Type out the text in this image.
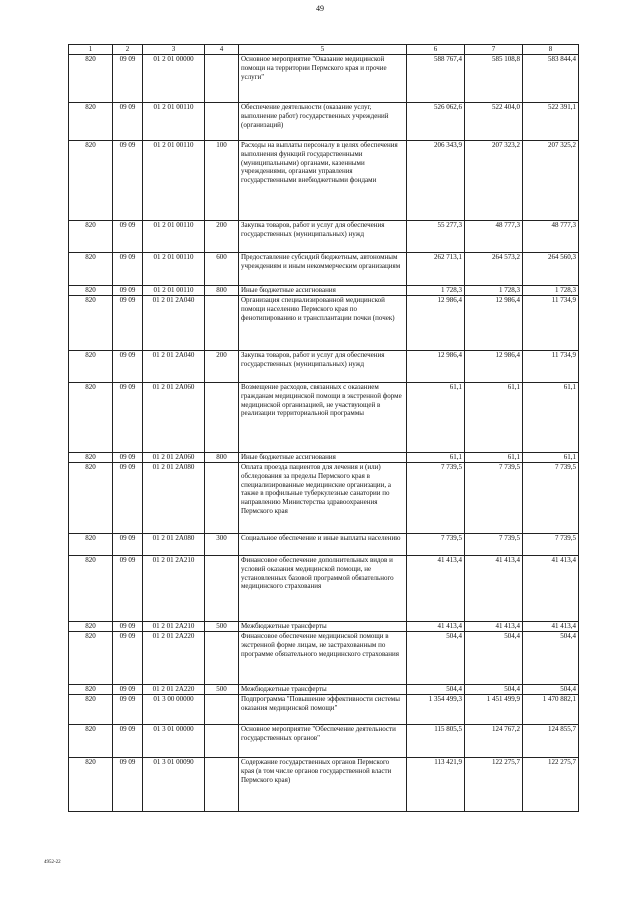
49
1	2	3	4	5	6	7	8
820	09 09	01 2 01 00000		Основное мероприятие "Оказание медицинской помощи на территории Пермского края и прочие услуги"	588 767,4	585 108,8	583 844,4
820	09 09	01 2 01 00110		Обеспечение деятельности (оказание услуг, выполнение работ) государственных учреждений (организаций)	526 062,6	522 404,0	522 391,1
820	09 09	01 2 01 00110	100	Расходы на выплаты персоналу в целях обеспечения выполнения функций государственными (муниципальными) органами, казенными учреждениями, органами управления государственными внебюджетными фондами	206 343,9	207 323,2	207 325,2
820	09 09	01 2 01 00110	200	Закупка товаров, работ и услуг для обеспечения государственных (муниципальных) нужд	55 277,3	48 777,3	48 777,3
820	09 09	01 2 01 00110	600	Предоставление субсидий бюджетным, автономным учреждениям и иным некоммерческим организациям	262 713,1	264 573,2	264 560,3
820	09 09	01 2 01 00110	800	Иные бюджетные ассигнования	1 728,3	1 728,3	1 728,3
820	09 09	01 2 01 2А040		Организация специализированной медицинской помощи населению Пермского края по фенотипированию и трансплантации почки (почек)	12 986,4	12 986,4	11 734,9
820	09 09	01 2 01 2А040	200	Закупка товаров, работ и услуг для обеспечения государственных (муниципальных) нужд	12 986,4	12 986,4	11 734,9
820	09 09	01 2 01 2А060		Возмещение расходов, связанных с оказанием гражданам медицинской помощи в экстренной форме медицинской организацией, не участвующей в реализации территориальной программы	61,1	61,1	61,1
820	09 09	01 2 01 2А060	800	Иные бюджетные ассигнования	61,1	61,1	61,1
820	09 09	01 2 01 2А080		Оплата проезда пациентов для лечения и (или) обследования за пределы Пермского края в специализированные медицинские организации, а также в профильные туберкулезные санатории по направлению Министерства здравоохранения Пермского края	7 739,5	7 739,5	7 739,5
820	09 09	01 2 01 2А080	300	Социальное обеспечение и иные выплаты населению	7 739,5	7 739,5	7 739,5
820	09 09	01 2 01 2А210		Финансовое обеспечение дополнительных видов и условий оказания медицинской помощи, не установленных базовой программой обязательного медицинского страхования	41 413,4	41 413,4	41 413,4
820	09 09	01 2 01 2А210	500	Межбюджетные трансферты	41 413,4	41 413,4	41 413,4
820	09 09	01 2 01 2А220		Финансовое обеспечение медицинской помощи в экстренной форме лицам, не застрахованным по программе обязательного медицинского страхования	504,4	504,4	504,4
820	09 09	01 2 01 2А220	500	Межбюджетные трансферты	504,4	504,4	504,4
820	09 09	01 3 00 00000		Подпрограмма "Повышение эффективности системы оказания медицинской помощи"	1 354 499,3	1 451 499,9	1 470 882,1
820	09 09	01 3 01 00000		Основное мероприятие "Обеспечение деятельности государственных органов"	115 805,5	124 767,2	124 855,7
820	09 09	01 3 01 00090		Содержание государственных органов Пермского края (в том числе органов государственной власти Пермского края)	113 421,9	122 275,7	122 275,7
4952-22
